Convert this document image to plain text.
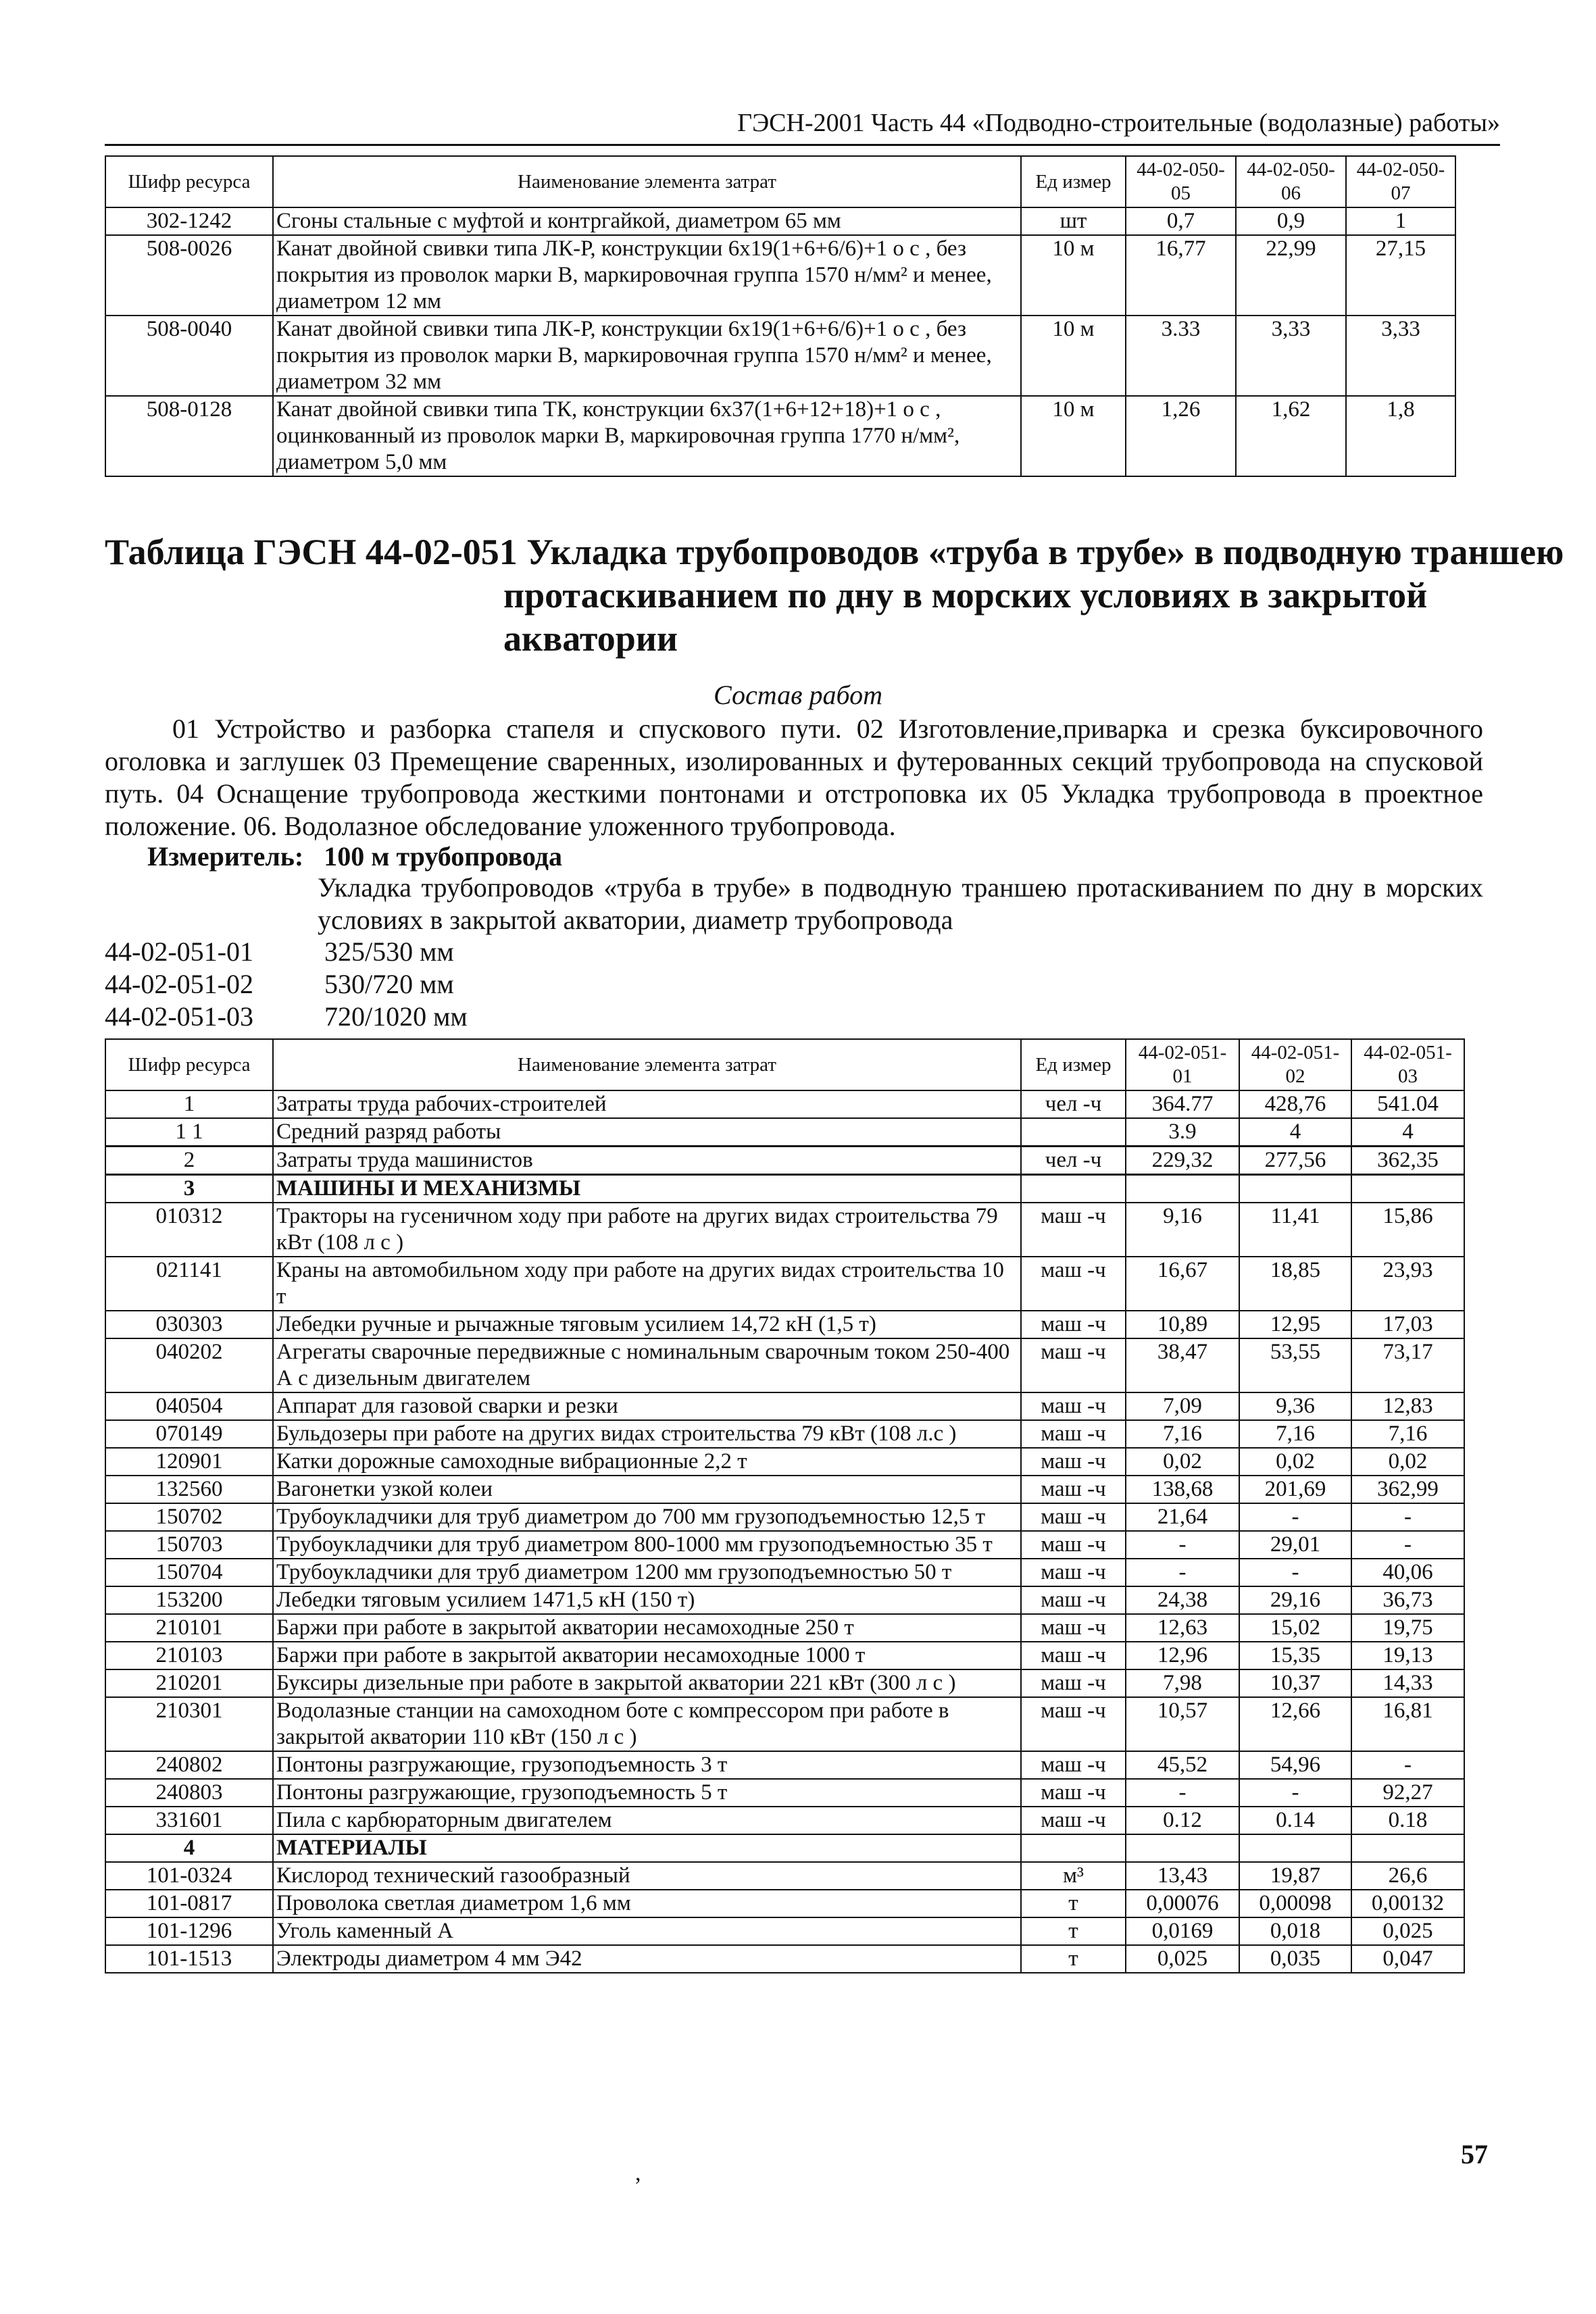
ГЭСН-2001 Часть 44 «Подводно-строительные (водолазные) работы»
Шифр ресурса	Наименование элемента затрат	Ед измер	44-02-050-05	44-02-050-06	44-02-050-07
302-1242	Сгоны стальные с муфтой и контргайкой, диаметром 65 мм	шт	0,7	0,9	1
508-0026	Канат двойной свивки типа ЛК-Р, конструкции 6х19(1+6+6/6)+1 о с , без покрытия из проволок марки В, маркировочная группа 1570 н/мм² и менее, диаметром 12 мм	10 м	16,77	22,99	27,15
508-0040	Канат двойной свивки типа ЛК-Р, конструкции 6х19(1+6+6/6)+1 о с , без покрытия из проволок марки В, маркировочная группа 1570 н/мм² и менее, диаметром 32 мм	10 м	3.33	3,33	3,33
508-0128	Канат двойной свивки типа ТК, конструкции 6х37(1+6+12+18)+1 о с , оцинкованный из проволок марки В, маркировочная группа 1770 н/мм², диаметром 5,0 мм	10 м	1,26	1,62	1,8
Таблица ГЭСН 44-02-051 Укладка трубопроводов «труба в трубе» в подводную траншею
протаскиванием по дну в морских условиях в закрытой акватории
Состав работ
01 Устройство и разборка стапеля и спускового пути. 02 Изготовление,приварка и срезка буксировочного оголовка и заглушек 03 Премещение сваренных, изолированных и футерованных секций трубопровода на спусковой путь. 04 Оснащение трубопровода жесткими понтонами и отстроповка их 05 Укладка трубопровода в проектное положение. 06. Водолазное обследование уложенного трубопровода.
Измеритель: 100 м трубопровода
Укладка трубопроводов «труба в трубе» в подводную траншею протаскиванием по дну в морских условиях в закрытой акватории, диаметр трубопровода
44-02-051-01	325/530 мм
44-02-051-02	530/720 мм
44-02-051-03	720/1020 мм
Шифр ресурса	Наименование элемента затрат	Ед измер	44-02-051-01	44-02-051-02	44-02-051-03
1	Затраты труда рабочих-строителей	чел -ч	364.77	428,76	541.04
1 1	Средний разряд работы		3.9	4	4
2	Затраты труда машинистов	чел -ч	229,32	277,56	362,35
3	МАШИНЫ И МЕХАНИЗМЫ				
010312	Тракторы на гусеничном ходу при работе на других видах строительства 79 кВт (108 л с )	маш -ч	9,16	11,41	15,86
021141	Краны на автомобильном ходу при работе на других видах строительства 10 т	маш -ч	16,67	18,85	23,93
030303	Лебедки ручные и рычажные тяговым усилием 14,72 кН (1,5 т)	маш -ч	10,89	12,95	17,03
040202	Агрегаты сварочные передвижные с номинальным сварочным током 250-400 А с дизельным двигателем	маш -ч	38,47	53,55	73,17
040504	Аппарат для газовой сварки и резки	маш -ч	7,09	9,36	12,83
070149	Бульдозеры при работе на других видах строительства 79 кВт (108 л.с )	маш -ч	7,16	7,16	7,16
120901	Катки дорожные самоходные вибрационные 2,2 т	маш -ч	0,02	0,02	0,02
132560	Вагонетки узкой колеи	маш -ч	138,68	201,69	362,99
150702	Трубоукладчики для труб диаметром до 700 мм грузоподъемностью 12,5 т	маш -ч	21,64	-	-
150703	Трубоукладчики для труб диаметром 800-1000 мм грузоподъемностью 35 т	маш -ч	-	29,01	-
150704	Трубоукладчики для труб диаметром 1200 мм грузоподъемностью 50 т	маш -ч	-	-	40,06
153200	Лебедки тяговым усилием 1471,5 кН (150 т)	маш -ч	24,38	29,16	36,73
210101	Баржи при работе в закрытой акватории несамоходные 250 т	маш -ч	12,63	15,02	19,75
210103	Баржи при работе в закрытой акватории несамоходные 1000 т	маш -ч	12,96	15,35	19,13
210201	Буксиры дизельные при работе в закрытой акватории 221 кВт (300 л с )	маш -ч	7,98	10,37	14,33
210301	Водолазные станции на самоходном боте с компрессором при работе в закрытой акватории 110 кВт (150 л с )	маш -ч	10,57	12,66	16,81
240802	Понтоны разгружающие, грузоподъемность 3 т	маш -ч	45,52	54,96	-
240803	Понтоны разгружающие, грузоподъемность 5 т	маш -ч	-	-	92,27
331601	Пила с карбюраторным двигателем	маш -ч	0.12	0.14	0.18
4	МАТЕРИАЛЫ				
101-0324	Кислород технический газообразный	м³	13,43	19,87	26,6
101-0817	Проволока светлая диаметром 1,6 мм	т	0,00076	0,00098	0,00132
101-1296	Уголь каменный А	т	0,0169	0,018	0,025
101-1513	Электроды диаметром 4 мм Э42	т	0,025	0,035	0,047
57
,
